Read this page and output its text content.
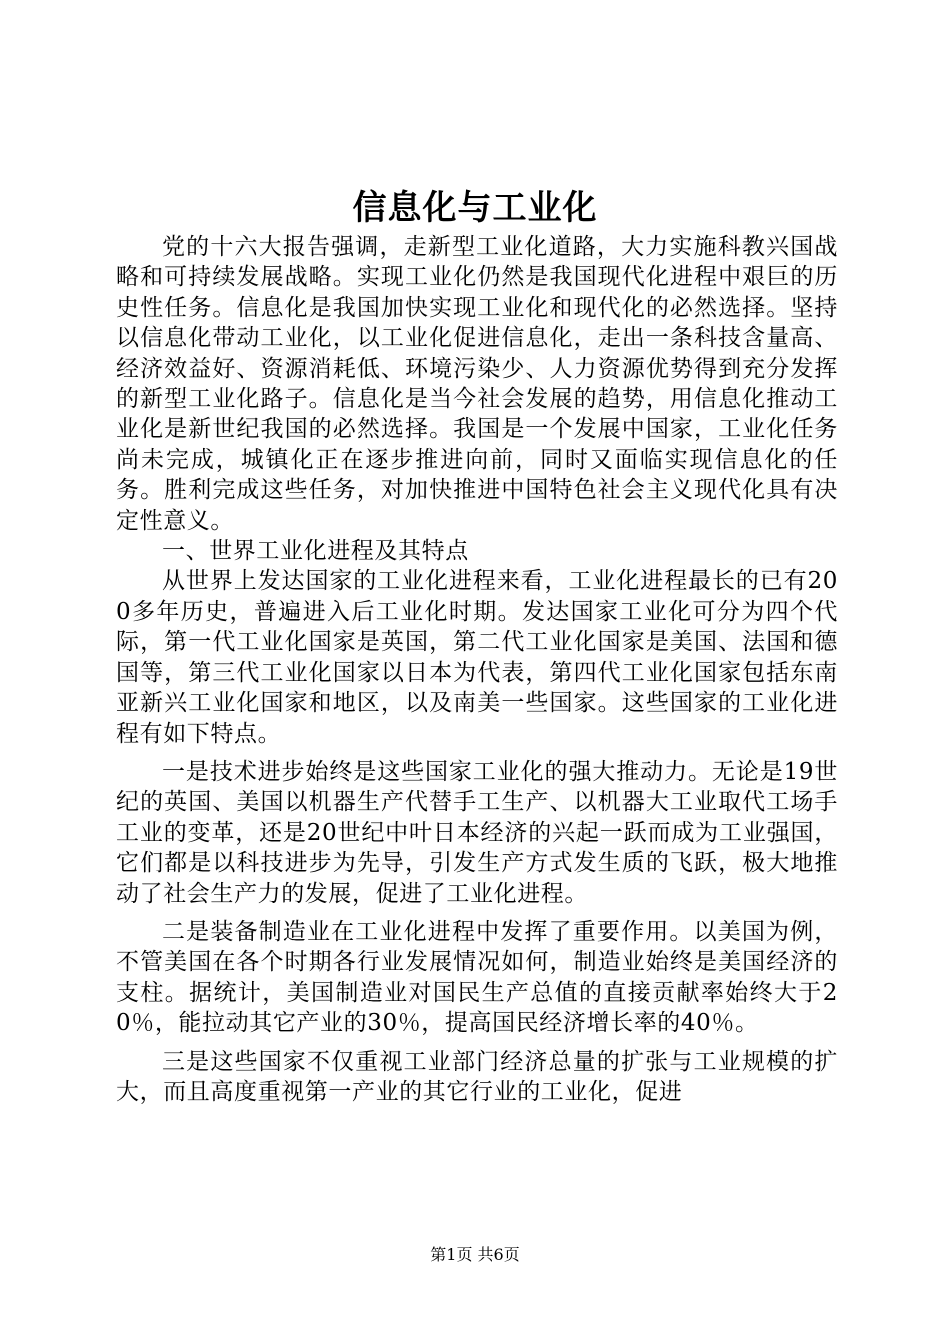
信息化与工业化

党的十六大报告强调，走新型工业化道路，大力实施科教兴国战略和可持续发展战略。实现工业化仍然是我国现代化进程中艰巨的历史性任务。信息化是我国加快实现工业化和现代化的必然选择。坚持以信息化带动工业化，以工业化促进信息化，走出一条科技含量高、经济效益好、资源消耗低、环境污染少、人力资源优势得到充分发挥的新型工业化路子。信息化是当今社会发展的趋势，用信息化推动工业化是新世纪我国的必然选择。我国是一个发展中国家，工业化任务尚未完成，城镇化正在逐步推进向前，同时又面临实现信息化的任务。胜利完成这些任务，对加快推进中国特色社会主义现代化具有决定性意义。

一、世界工业化进程及其特点

从世界上发达国家的工业化进程来看，工业化进程最长的已有200多年历史，普遍进入后工业化时期。发达国家工业化可分为四个代际，第一代工业化国家是英国，第二代工业化国家是美国、法国和德国等，第三代工业化国家以日本为代表，第四代工业化国家包括东南亚新兴工业化国家和地区，以及南美一些国家。这些国家的工业化进程有如下特点。

一是技术进步始终是这些国家工业化的强大推动力。无论是19世纪的英国、美国以机器生产代替手工生产、以机器大工业取代工场手工业的变革，还是20世纪中叶日本经济的兴起一跃而成为工业强国，它们都是以科技进步为先导，引发生产方式发生质的飞跃，极大地推动了社会生产力的发展，促进了工业化进程。

二是装备制造业在工业化进程中发挥了重要作用。以美国为例，不管美国在各个时期各行业发展情况如何，制造业始终是美国经济的支柱。据统计，美国制造业对国民生产总值的直接贡献率始终大于20％，能拉动其它产业的30％，提高国民经济增长率的40％。

三是这些国家不仅重视工业部门经济总量的扩张与工业规模的扩大，而且高度重视第一产业的其它行业的工业化，促进

第1页 共6页
